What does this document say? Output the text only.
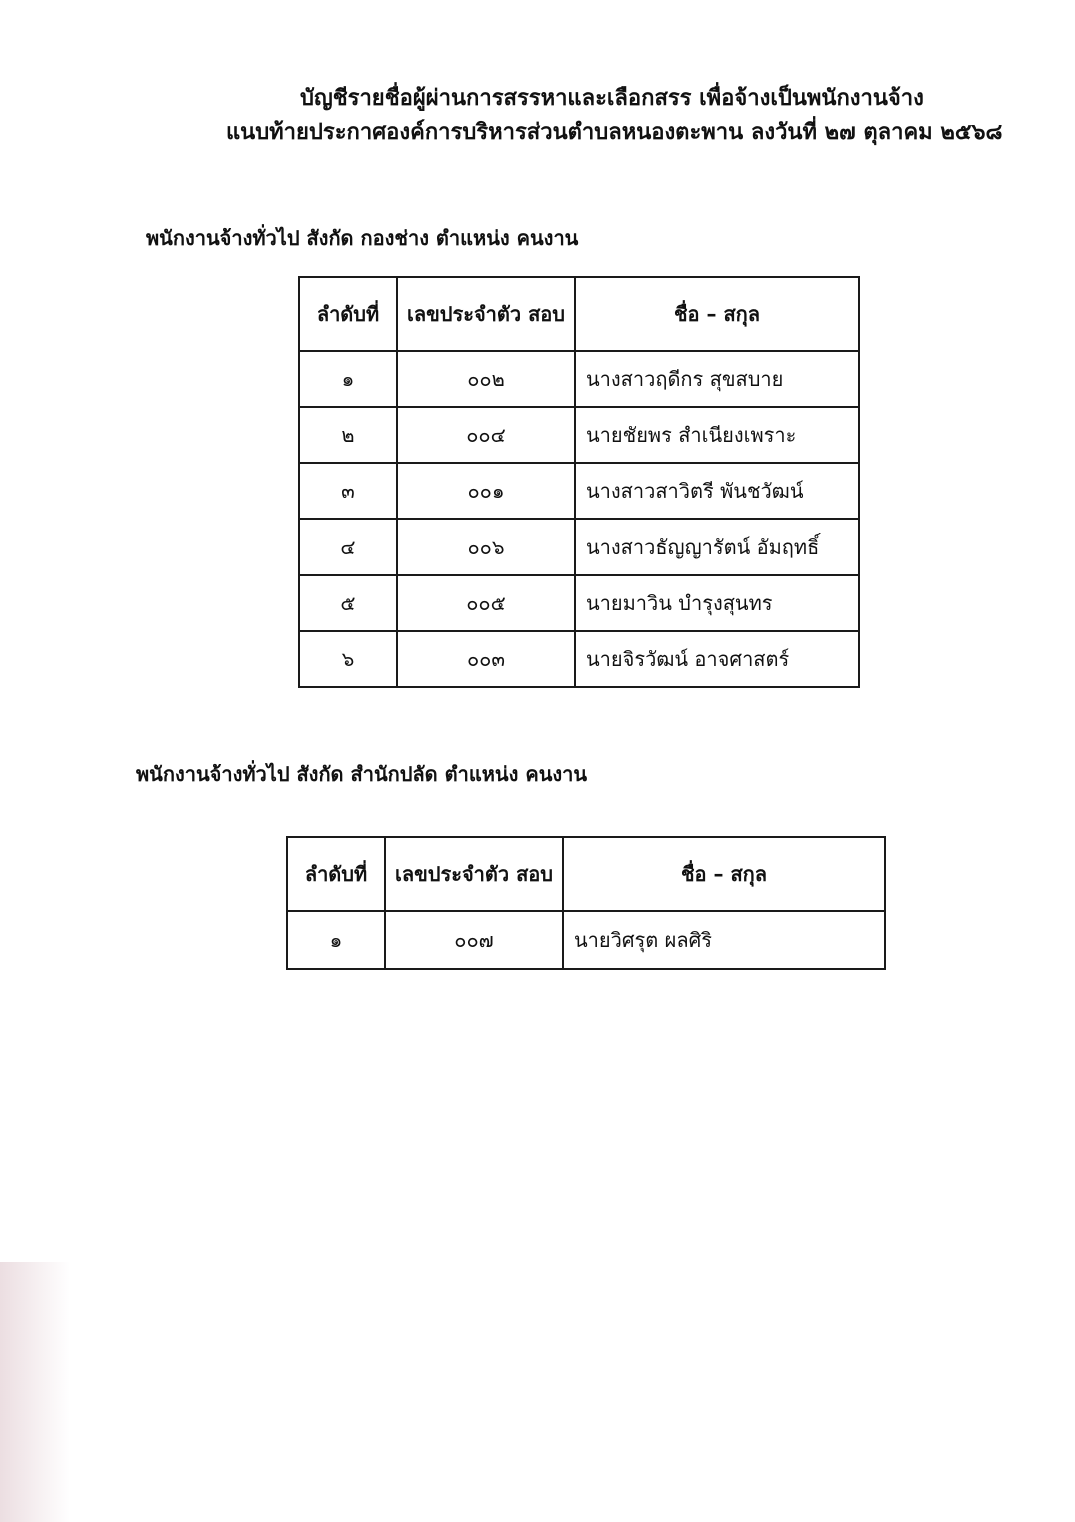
บัญชีรายชื่อผู้ผ่านการสรรหาและเลือกสรร เพื่อจ้างเป็นพนักงานจ้าง
แนบท้ายประกาศองค์การบริหารส่วนตำบลหนองตะพาน ลงวันที่ ๒๗ ตุลาคม ๒๕๖๘
พนักงานจ้างทั่วไป สังกัด กองช่าง ตำแหน่ง คนงาน
ลำดับที่	เลขประจำตัว สอบ	ชื่อ – สกุล
๑	๐๐๒	นางสาวฤดีกร สุขสบาย
๒	๐๐๔	นายชัยพร สำเนียงเพราะ
๓	๐๐๑	นางสาวสาวิตรี พันชวัฒน์
๔	๐๐๖	นางสาวธัญญารัตน์ อัมฤทธิ์
๕	๐๐๕	นายมาวิน บำรุงสุนทร
๖	๐๐๓	นายจิรวัฒน์ อาจศาสตร์
พนักงานจ้างทั่วไป สังกัด สำนักปลัด ตำแหน่ง คนงาน
ลำดับที่	เลขประจำตัว สอบ	ชื่อ – สกุล
๑	๐๐๗	นายวิศรุต ผลศิริ
